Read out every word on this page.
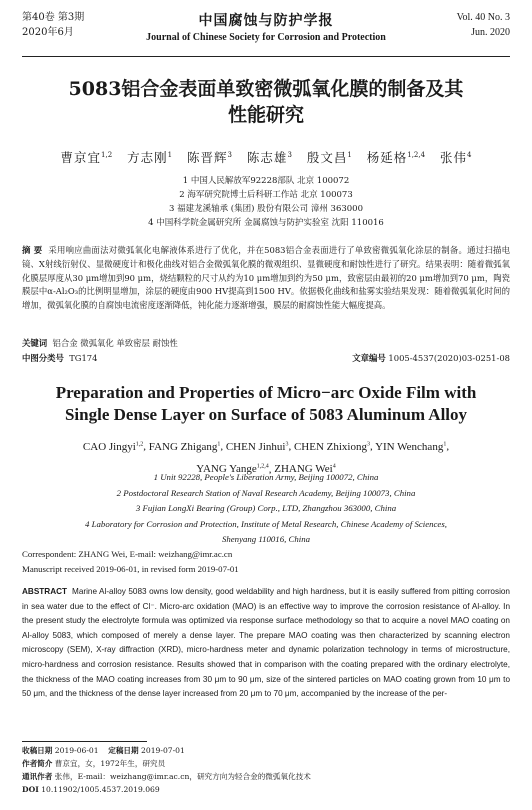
第40卷 第3期
2020年6月
中国腐蚀与防护学报
Journal of Chinese Society for Corrosion and Protection
Vol. 40 No. 3
Jun. 2020
5083铝合金表面单致密微弧氧化膜的制备及其
性能研究
曹京宜$^{1,2}$ 方志刚$^1$ 陈晋辉$^3$ 陈志雄$^3$ 殷文昌$^1$ 杨延格$^{1,2,4}$ 张伟$^4$
1 中国人民解放军92228部队 北京 100072
2 海军研究院博士后科研工作站 北京 100073
3 福建龙溪轴承 (集团) 股份有限公司 漳州 363000
4 中国科学院金属研究所 金属腐蚀与防护实验室 沈阳 110016
摘 要 采用响应曲面法对微弧氧化电解液体系进行了优化，并在5083铝合金表面进行了单致密微弧氧化涂层的制备。通过扫描电镜、X射线衍射仪、显微硬度计和极化曲线对铝合金微弧氧化膜的微观组织、显微硬度和耐蚀性进行了研究。结果表明：随着微弧氧化膜层厚度从30 μm增加到90 μm，烧结颗粒的尺寸从约为10 μm增加到约为50 μm，致密层由最初的20 μm增加到70 μm，陶瓷膜层中α-Al₂O₃的比例明显增加，涂层的硬度由900 HV提高到1500 HV。依据极化曲线和盐雾实验结果发现：随着微弧氧化时间的增加，微弧氧化膜的自腐蚀电流密度逐渐降低，钝化能力逐渐增强，膜层的耐腐蚀性能大幅度提高。
关键词 铝合金 微弧氧化 单致密层 耐蚀性
中图分类号 TG174	文章编号 1005-4537(2020)03-0251-08
Preparation and Properties of Micro−arc Oxide Film with
Single Dense Layer on Surface of 5083 Aluminum Alloy
CAO Jingyi$^{1,2}$, FANG Zhigang$^1$, CHEN Jinhui$^3$, CHEN Zhixiong$^3$, YIN Wenchang$^1$,
YANG Yange$^{1,2,4}$, ZHANG Wei$^4$
1 Unit 92228, People's Liberation Army, Beijing 100072, China
2 Postdoctoral Research Station of Naval Research Academy, Beijing 100073, China
3 Fujian LongXi Bearing (Group) Corp., LTD, Zhangzhou 363000, China
4 Laboratory for Corrosion and Protection, Institute of Metal Research, Chinese Academy of Sciences,
Shenyang 110016, China
Correspondent: ZHANG Wei, E-mail: weizhang@imr.ac.cn
Manuscript received 2019-06-01, in revised form 2019-07-01
ABSTRACT Marine Al-alloy 5083 owns low density, good weldability and high hardness, but it is easily suffered from pitting corrosion in sea water due to the effect of Cl⁻. Micro-arc oxidation (MAO) is an effective way to improve the corrosion resistance of Al-alloy. In the present study the electrolyte formula was optimized via response surface methodology so that to acquire a novel MAO coating on Al-alloy 5083, which composed of merely a dense layer. The prepare MAO coating was then characterized by scanning electron microscopy (SEM), X-ray diffraction (XRD), micro-hardness meter and dynamic polarization technology in terms of microstructure, micro-hardness and corrosion resistance. Results showed that in comparison with the coating prepared with the ordinary electrolyte, the thickness of the MAO coating increases from 30 μm to 90 μm, size of the sintered particles on MAO coating grown from 10 μm to 50 μm, and the thickness of the dense layer increased from 20 μm to 70 μm, accompanied by the increase of the per-
收稿日期 2019-06-01 定稿日期 2019-07-01
作者简介 曹京宜，女，1972年生，研究员
通讯作者 张伟，E-mail：weizhang@imr.ac.cn，研究方向为轻合金的微弧氧化技术
DOI 10.11902/1005.4537.2019.069
